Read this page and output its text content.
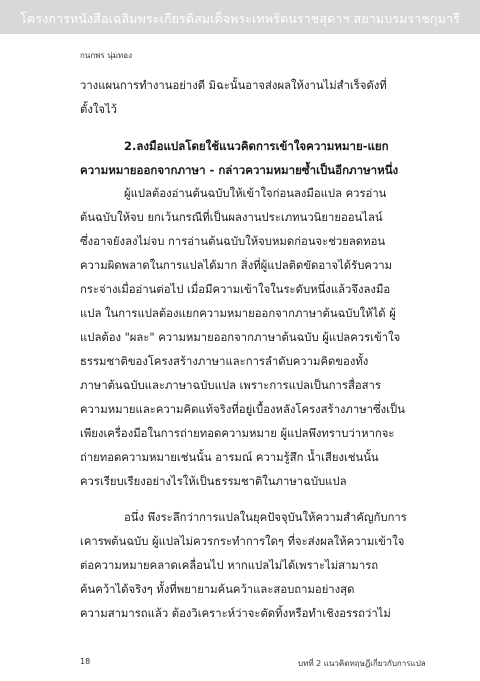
โครงการหนังสือเฉลิมพระเกียรติสมเด็จพระเทพรัตนราชสุดาฯ สยามบรมราชกุมารี
กนกพร นุ่มทอง

วางแผนการทำงานอย่างดี มิฉะนั้นอาจส่งผลให้งานไม่สำเร็จดังที่
ตั้งใจไว้

2.ลงมือแปลโดยใช้แนวคิดการเข้าใจความหมาย-แยก
ความหมายออกจากภาษา - กล่าวความหมายซ้ำเป็นอีกภาษาหนึ่ง

ผู้แปลต้องอ่านต้นฉบับให้เข้าใจก่อนลงมือแปล ควรอ่าน
ต้นฉบับให้จบ ยกเว้นกรณีที่เป็นผลงานประเภทนวนิยายออนไลน์
ซึ่งอาจยังลงไม่จบ การอ่านต้นฉบับให้จบหมดก่อนจะช่วยลดทอน
ความผิดพลาดในการแปลได้มาก สิ่งที่ผู้แปลติดขัดอาจได้รับความ
กระจ่างเมื่ออ่านต่อไป เมื่อมีความเข้าใจในระดับหนึ่งแล้วจึงลงมือ
แปล ในการแปลต้องแยกความหมายออกจากภาษาต้นฉบับให้ได้ ผู้
แปลต้อง "ผละ" ความหมายออกจากภาษาต้นฉบับ ผู้แปลควรเข้าใจ
ธรรมชาติของโครงสร้างภาษาและการลำดับความคิดของทั้ง
ภาษาต้นฉบับและภาษาฉบับแปล เพราะการแปลเป็นการสื่อสาร
ความหมายและความคิดแท้จริงที่อยู่เบื้องหลังโครงสร้างภาษาซึ่งเป็น
เพียงเครื่องมือในการถ่ายทอดความหมาย ผู้แปลพึงทราบว่าหากจะ
ถ่ายทอดความหมายเช่นนั้น อารมณ์ ความรู้สึก น้ำเสียงเช่นนั้น
ควรเรียบเรียงอย่างไรให้เป็นธรรมชาติในภาษาฉบับแปล

อนึ่ง พึงระลึกว่าการแปลในยุคปัจจุบันให้ความสำคัญกับการ
เคารพต้นฉบับ ผู้แปลไม่ควรกระทำการใดๆ ที่จะส่งผลให้ความเข้าใจ
ต่อความหมายคลาดเคลื่อนไป หากแปลไม่ได้เพราะไม่สามารถ
ค้นคว้าได้จริงๆ ทั้งที่พยายามค้นคว้าและสอบถามอย่างสุด
ความสามารถแล้ว ต้องวิเคราะห์ว่าจะตัดทิ้งหรือทำเชิงอรรถว่าไม่

18	บทที่ 2 แนวคิดทฤษฎีเกี่ยวกับการแปล
